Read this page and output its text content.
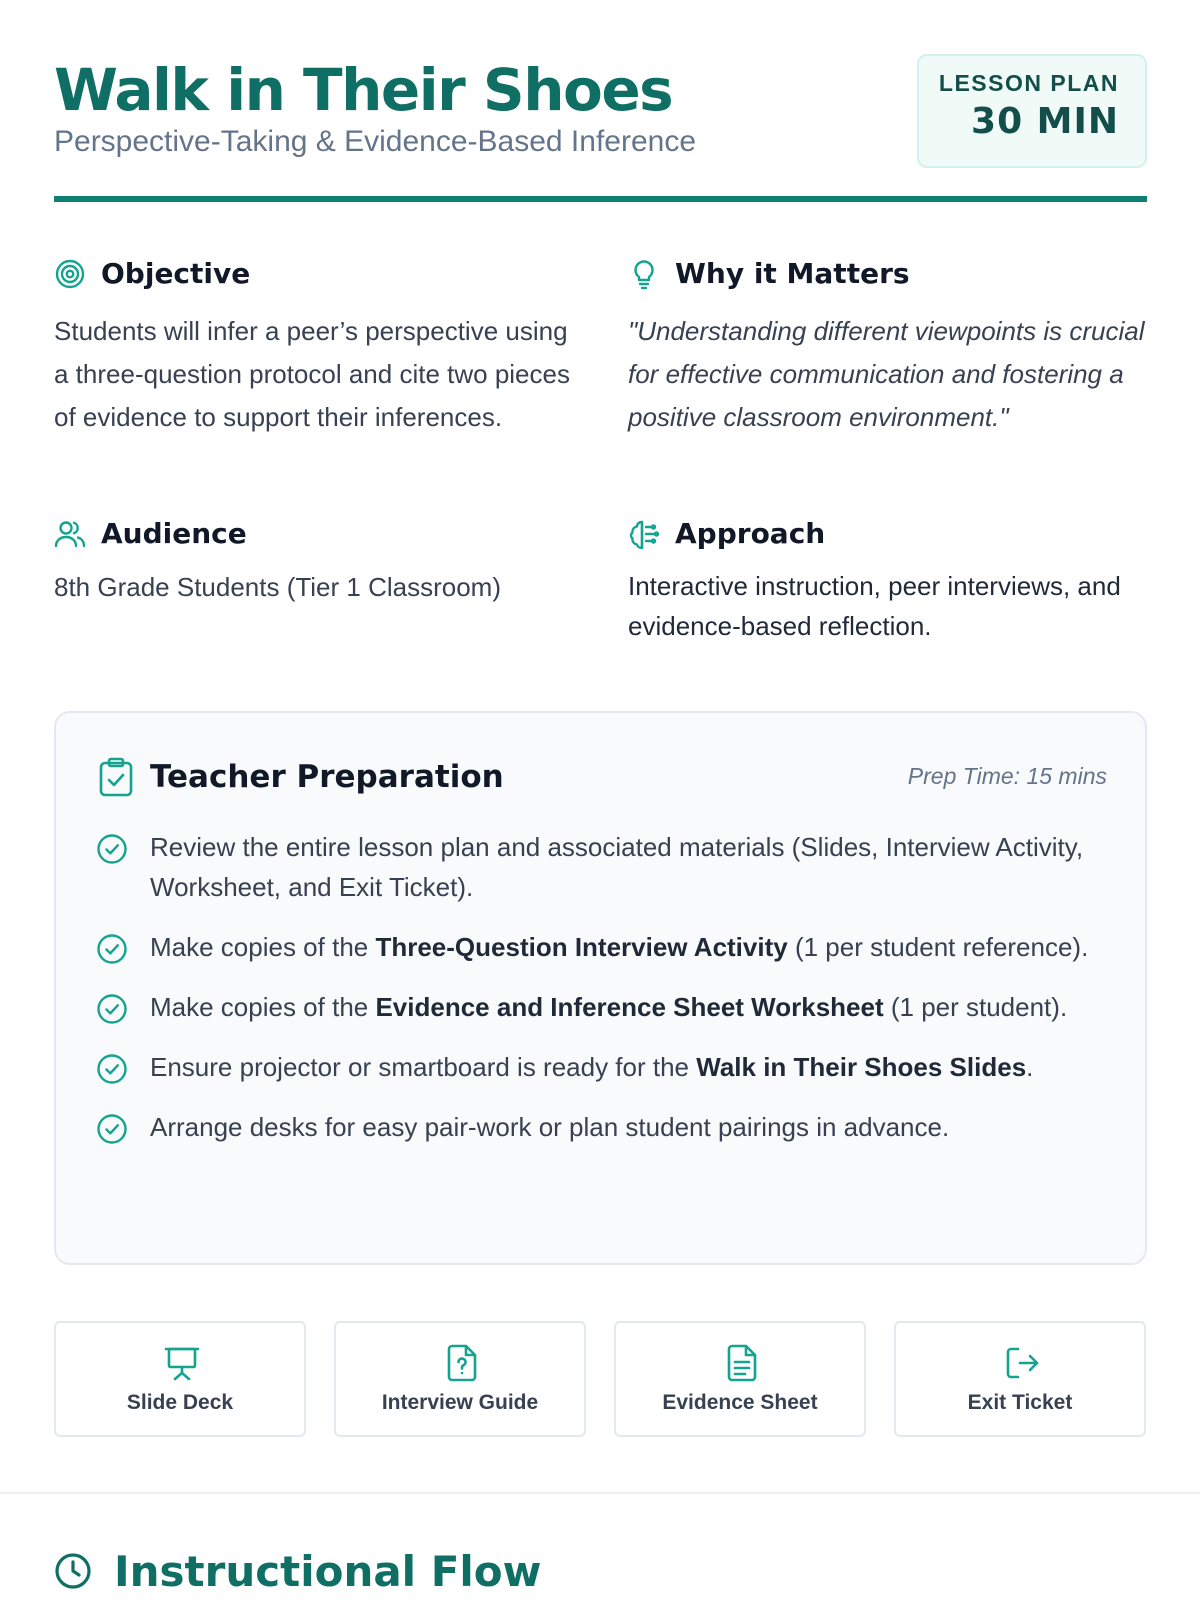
Walk in Their Shoes
Perspective-Taking & Evidence-Based Inference
LESSON PLAN
30 MIN
Objective
Students will infer a peer’s perspective using a three-question protocol and cite two pieces of evidence to support their inferences.
Why it Matters
"Understanding different viewpoints is crucial for effective communication and fostering a positive classroom environment."
Audience
8th Grade Students (Tier 1 Classroom)
Approach
Interactive instruction, peer interviews, and evidence-based reflection.
Teacher Preparation	Prep Time: 15 mins
Review the entire lesson plan and associated materials (Slides, Interview Activity, Worksheet, and Exit Ticket).
Make copies of the Three-Question Interview Activity (1 per student reference).
Make copies of the Evidence and Inference Sheet Worksheet (1 per student).
Ensure projector or smartboard is ready for the Walk in Their Shoes Slides.
Arrange desks for easy pair-work or plan student pairings in advance.
Slide Deck	Interview Guide	Evidence Sheet	Exit Ticket
Instructional Flow
